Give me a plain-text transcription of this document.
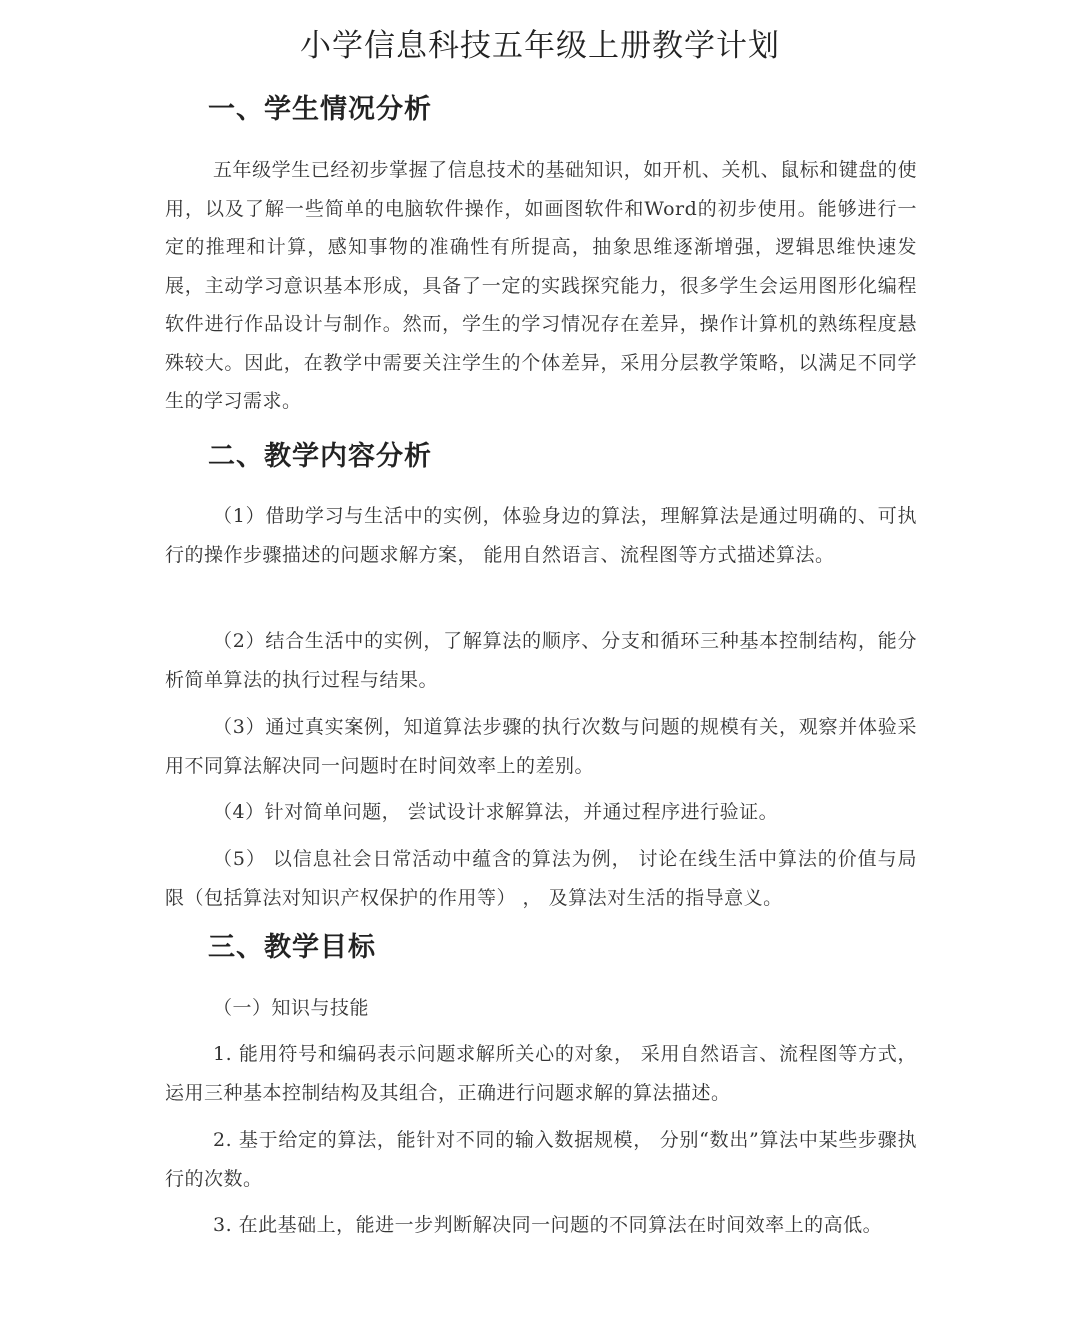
小学信息科技五年级上册教学计划
一、学生情况分析
五年级学生已经初步掌握了信息技术的基础知识，如开机、关机、鼠标和键盘的使用，以及了解一些简单的电脑软件操作，如画图软件和Word的初步使用。能够进行一定的推理和计算，感知事物的准确性有所提高，抽象思维逐渐增强，逻辑思维快速发展，主动学习意识基本形成，具备了一定的实践探究能力，很多学生会运用图形化编程软件进行作品设计与制作。然而，学生的学习情况存在差异，操作计算机的熟练程度悬殊较大。因此，在教学中需要关注学生的个体差异，采用分层教学策略，以满足不同学生的学习需求。
二、教学内容分析
（1）借助学习与生活中的实例，体验身边的算法，理解算法是通过明确的、可执行的操作步骤描述的问题求解方案， 能用自然语言、流程图等方式描述算法。
（2）结合生活中的实例，了解算法的顺序、分支和循环三种基本控制结构，能分析简单算法的执行过程与结果。
（3）通过真实案例，知道算法步骤的执行次数与问题的规模有关，观察并体验采用不同算法解决同一问题时在时间效率上的差别。
（4）针对简单问题， 尝试设计求解算法，并通过程序进行验证。
（5） 以信息社会日常活动中蕴含的算法为例， 讨论在线生活中算法的价值与局限（包括算法对知识产权保护的作用等） ， 及算法对生活的指导意义。
三、教学目标
（一）知识与技能
1. 能用符号和编码表示问题求解所关心的对象， 采用自然语言、流程图等方式，运用三种基本控制结构及其组合，正确进行问题求解的算法描述。
2. 基于给定的算法，能针对不同的输入数据规模， 分别“数出”算法中某些步骤执行的次数。
3. 在此基础上，能进一步判断解决同一问题的不同算法在时间效率上的高低。
